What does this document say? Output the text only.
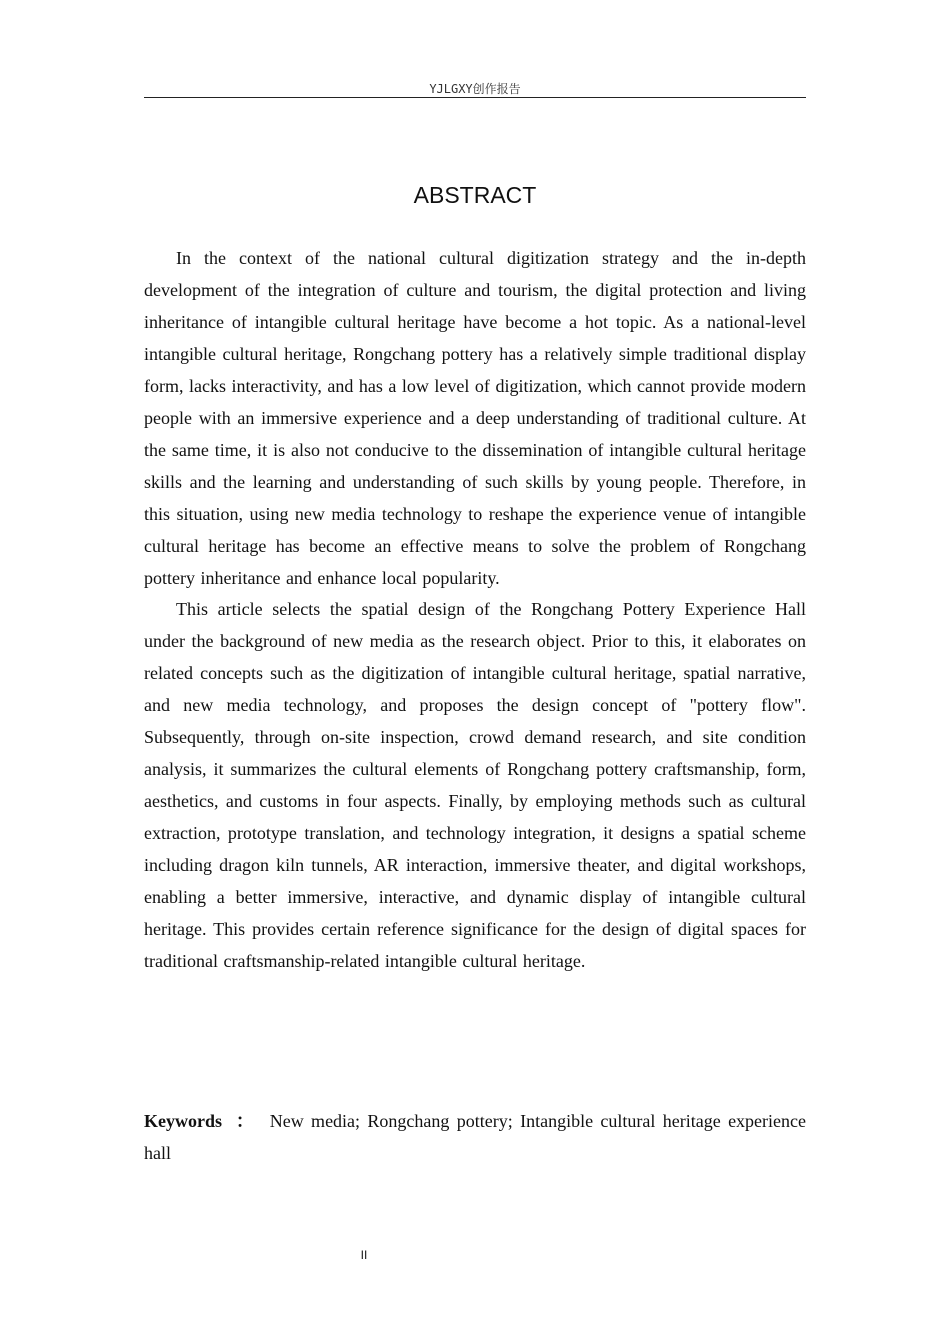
YJLGXY创作报告
ABSTRACT

In the context of the national cultural digitization strategy and the in-depth development of the integration of culture and tourism, the digital protection and living inheritance of intangible cultural heritage have become a hot topic. As a national-level intangible cultural heritage, Rongchang pottery has a relatively simple traditional display form, lacks interactivity, and has a low level of digitization, which cannot provide modern people with an immersive experience and a deep understanding of traditional culture. At the same time, it is also not conducive to the dissemination of intangible cultural heritage skills and the learning and understanding of such skills by young people. Therefore, in this situation, using new media technology to reshape the experience venue of intangible cultural heritage has become an effective means to solve the problem of Rongchang pottery inheritance and enhance local popularity.

This article selects the spatial design of the Rongchang Pottery Experience Hall under the background of new media as the research object. Prior to this, it elaborates on related concepts such as the digitization of intangible cultural heritage, spatial narrative, and new media technology, and proposes the design concept of "pottery flow". Subsequently, through on-site inspection, crowd demand research, and site condition analysis, it summarizes the cultural elements of Rongchang pottery craftsmanship, form, aesthetics, and customs in four aspects. Finally, by employing methods such as cultural extraction, prototype translation, and technology integration, it designs a spatial scheme including dragon kiln tunnels, AR interaction, immersive theater, and digital workshops, enabling a better immersive, interactive, and dynamic display of intangible cultural heritage. This provides certain reference significance for the design of digital spaces for traditional craftsmanship-related intangible cultural heritage.

Keywords ： New media; Rongchang pottery; Intangible cultural heritage experience hall
II
